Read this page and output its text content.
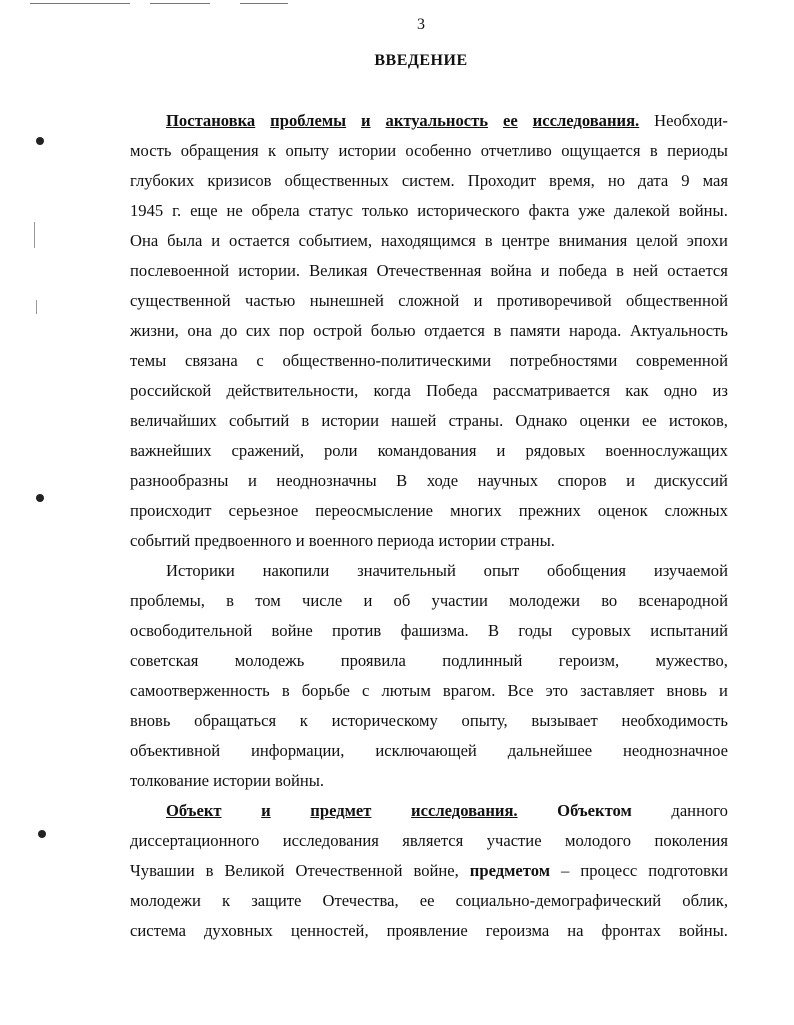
3
ВВЕДЕНИЕ
Постановка проблемы и актуальность ее исследования. Необходи-
мость обращения к опыту истории особенно отчетливо ощущается в периоды
глубоких кризисов общественных систем. Проходит время, но дата 9 мая
1945 г. еще не обрела статус только исторического факта уже далекой войны.
Она была и остается событием, находящимся в центре внимания целой эпохи
послевоенной истории. Великая Отечественная война и победа в ней остается
существенной частью нынешней сложной и противоречивой общественной
жизни, она до сих пор острой болью отдается в памяти народа. Актуальность
темы связана с общественно-политическими потребностями современной
российской действительности, когда Победа рассматривается как одно из
величайших событий в истории нашей страны. Однако оценки ее истоков,
важнейших сражений, роли командования и рядовых военнослужащих
разнообразны и неоднозначны В ходе научных споров и дискуссий
происходит серьезное переосмысление многих прежних оценок сложных
событий
предвоенного
и
военного
периода
истории
страны.
Историки накопили значительный опыт обобщения изучаемой
проблемы, в том числе и об участии молодежи во всенародной
освободительной войне против фашизма. В годы суровых испытаний
советская молодежь проявила подлинный героизм, мужество,
самоотверженность в борьбе с лютым врагом. Все это заставляет вновь и
вновь обращаться к историческому опыту, вызывает необходимость
объективной информации, исключающей дальнейшее неоднозначное
толкование
истории
войны.
Объект и предмет исследования. Объектом данного
диссертационного исследования является участие молодого поколения
Чувашии в Великой Отечественной войне, предметом – процесс подготовки
молодежи к защите Отечества, ее социально-демографический облик,
система духовных ценностей, проявление героизма на фронтах войны.
